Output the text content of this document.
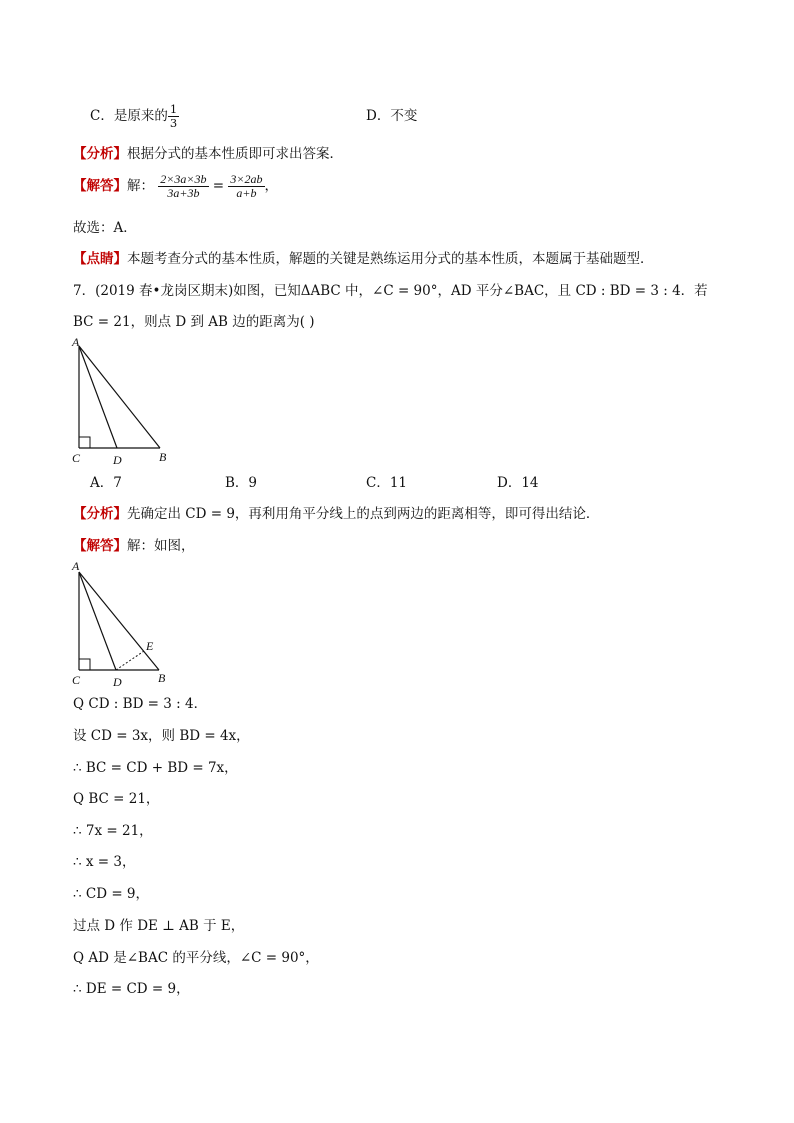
C．是原来的 $\frac{1}{3}$	D．不变
【分析】根据分式的基本性质即可求出答案．
【解答】解： $\frac{2\times 3a\times 3b}{3a+3b} = \frac{3\times 2ab}{a+b}$ ，
故选：A．
【点睛】本题考查分式的基本性质，解题的关键是熟练运用分式的基本性质，本题属于基础题型．
7．(2019 春•龙岗区期末)如图，已知ΔABC 中，∠C = 90°，AD 平分∠BAC，且 CD : BD = 3 : 4．若
BC = 21，则点 D 到 AB 边的距离为( )
A
C	D	B
A．7	B．9	C．11	D．14
【分析】先确定出 CD = 9，再利用角平分线上的点到两边的距离相等，即可得出结论．
【解答】解：如图，
A
C	D	B
E
Q CD : BD = 3 : 4．
设 CD = 3x，则 BD = 4x，
∴ BC = CD + BD = 7x，
Q BC = 21，
∴ 7x = 21，
∴ x = 3，
∴ CD = 9，
过点 D 作 DE ⊥ AB 于 E，
Q AD 是∠BAC 的平分线，∠C = 90°，
∴ DE = CD = 9，
